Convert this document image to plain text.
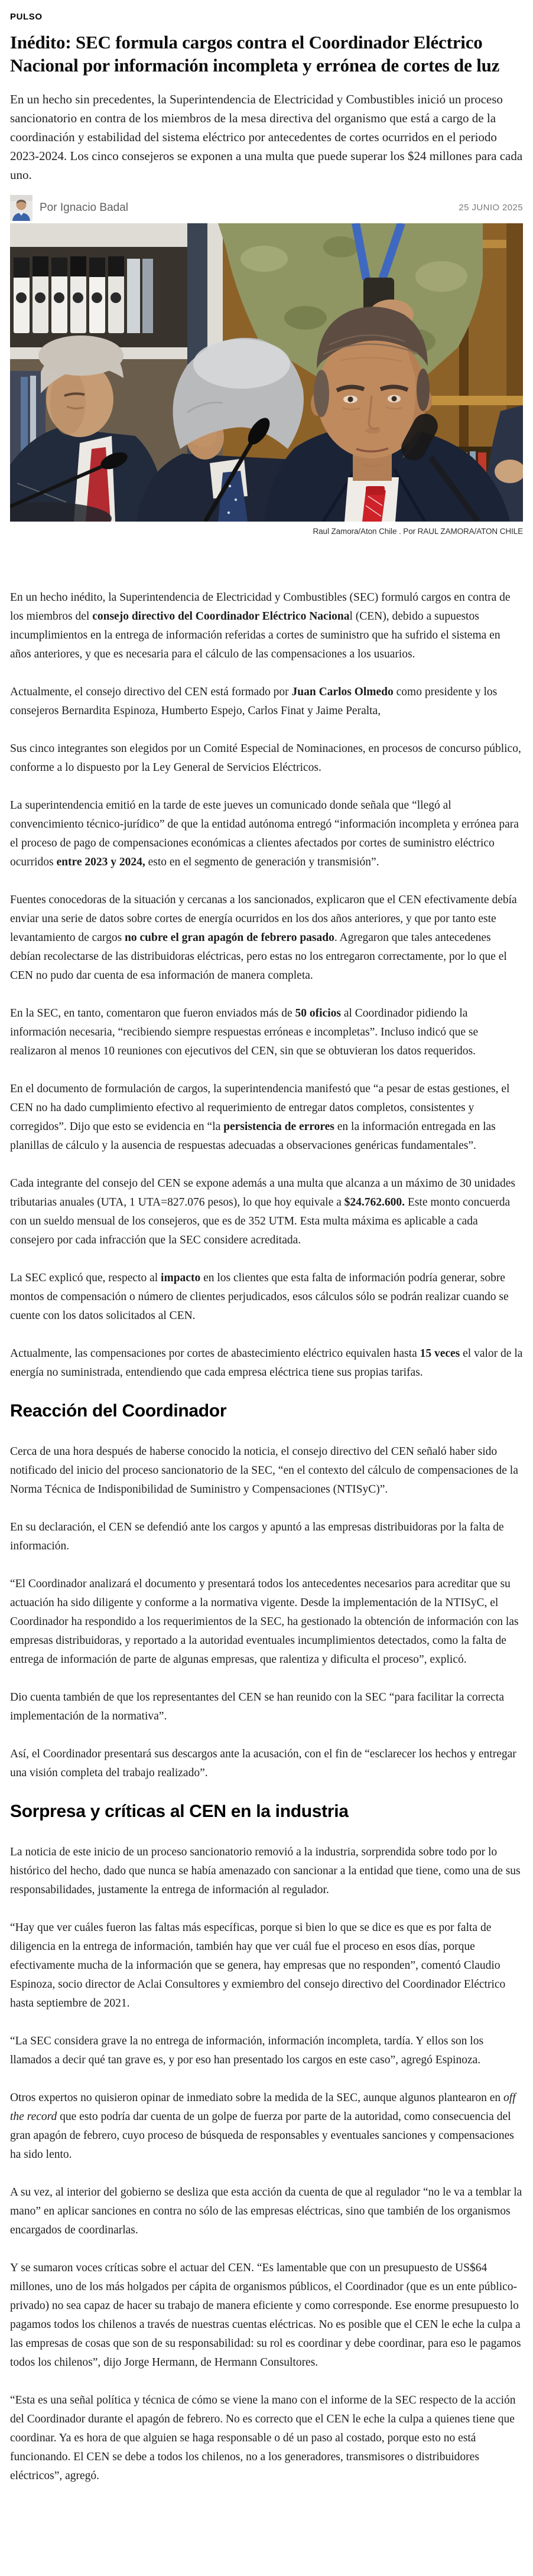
PULSO
Inédito: SEC formula cargos contra el Coordinador Eléctrico Nacional por información incompleta y errónea de cortes de luz

En un hecho sin precedentes, la Superintendencia de Electricidad y Combustibles inició un proceso sancionatorio en contra de los miembros de la mesa directiva del organismo que está a cargo de la coordinación y estabilidad del sistema eléctrico por antecedentes de cortes ocurridos en el periodo 2023-2024. Los cinco consejeros se exponen a una multa que puede superar los $24 millones para cada uno.

Por Ignacio Badal	25 JUNIO 2025
Raul Zamora/Aton Chile . Por RAUL ZAMORA/ATON CHILE

En un hecho inédito, la Superintendencia de Electricidad y Combustibles (SEC) formuló cargos en contra de los miembros del consejo directivo del Coordinador Eléctrico Nacional (CEN), debido a supuestos incumplimientos en la entrega de información referidas a cortes de suministro que ha sufrido el sistema en años anteriores, y que es necesaria para el cálculo de las compensaciones a los usuarios.

Actualmente, el consejo directivo del CEN está formado por Juan Carlos Olmedo como presidente y los consejeros Bernardita Espinoza, Humberto Espejo, Carlos Finat y Jaime Peralta,

Sus cinco integrantes son elegidos por un Comité Especial de Nominaciones, en procesos de concurso público, conforme a lo dispuesto por la Ley General de Servicios Eléctricos.

La superintendencia emitió en la tarde de este jueves un comunicado donde señala que “llegó al convencimiento técnico-jurídico” de que la entidad autónoma entregó “información incompleta y errónea para el proceso de pago de compensaciones económicas a clientes afectados por cortes de suministro eléctrico ocurridos entre 2023 y 2024, esto en el segmento de generación y transmisión”.

Fuentes conocedoras de la situación y cercanas a los sancionados, explicaron que el CEN efectivamente debía enviar una serie de datos sobre cortes de energía ocurridos en los dos años anteriores, y que por tanto este levantamiento de cargos no cubre el gran apagón de febrero pasado. Agregaron que tales antecedenes debían recolectarse de las distribuidoras eléctricas, pero estas no los entregaron correctamente, por lo que el CEN no pudo dar cuenta de esa información de manera completa.

En la SEC, en tanto, comentaron que fueron enviados más de 50 oficios al Coordinador pidiendo la información necesaria, “recibiendo siempre respuestas erróneas e incompletas”. Incluso indicó que se realizaron al menos 10 reuniones con ejecutivos del CEN, sin que se obtuvieran los datos requeridos.

En el documento de formulación de cargos, la superintendencia manifestó que “a pesar de estas gestiones, el CEN no ha dado cumplimiento efectivo al requerimiento de entregar datos completos, consistentes y corregidos”. Dijo que esto se evidencia en “la persistencia de errores en la información entregada en las planillas de cálculo y la ausencia de respuestas adecuadas a observaciones genéricas fundamentales”.

Cada integrante del consejo del CEN se expone además a una multa que alcanza a un máximo de 30 unidades tributarias anuales (UTA, 1 UTA=827.076 pesos), lo que hoy equivale a $24.762.600. Este monto concuerda con un sueldo mensual de los consejeros, que es de 352 UTM. Esta multa máxima es aplicable a cada consejero por cada infracción que la SEC considere acreditada.

La SEC explicó que, respecto al impacto en los clientes que esta falta de información podría generar, sobre montos de compensación o número de clientes perjudicados, esos cálculos sólo se podrán realizar cuando se cuente con los datos solicitados al CEN.

Actualmente, las compensaciones por cortes de abastecimiento eléctrico equivalen hasta 15 veces el valor de la energía no suministrada, entendiendo que cada empresa eléctrica tiene sus propias tarifas.

Reacción del Coordinador

Cerca de una hora después de haberse conocido la noticia, el consejo directivo del CEN señaló haber sido notificado del inicio del proceso sancionatorio de la SEC, “en el contexto del cálculo de compensaciones de la Norma Técnica de Indisponibilidad de Suministro y Compensaciones (NTISyC)”.

En su declaración, el CEN se defendió ante los cargos y apuntó a las empresas distribuidoras por la falta de información.

“El Coordinador analizará el documento y presentará todos los antecedentes necesarios para acreditar que su actuación ha sido diligente y conforme a la normativa vigente. Desde la implementación de la NTISyC, el Coordinador ha respondido a los requerimientos de la SEC, ha gestionado la obtención de información con las empresas distribuidoras, y reportado a la autoridad eventuales incumplimientos detectados, como la falta de entrega de información de parte de algunas empresas, que ralentiza y dificulta el proceso”, explicó.

Dio cuenta también de que los representantes del CEN se han reunido con la SEC “para facilitar la correcta implementación de la normativa”.

Así, el Coordinador presentará sus descargos ante la acusación, con el fin de “esclarecer los hechos y entregar una visión completa del trabajo realizado”.

Sorpresa y críticas al CEN en la industria

La noticia de este inicio de un proceso sancionatorio removió a la industria, sorprendida sobre todo por lo histórico del hecho, dado que nunca se había amenazado con sancionar a la entidad que tiene, como una de sus responsabilidades, justamente la entrega de información al regulador.

“Hay que ver cuáles fueron las faltas más específicas, porque si bien lo que se dice es que es por falta de diligencia en la entrega de información, también hay que ver cuál fue el proceso en esos días, porque efectivamente mucha de la información que se genera, hay empresas que no responden”, comentó Claudio Espinoza, socio director de Aclai Consultores y exmiembro del consejo directivo del Coordinador Eléctrico hasta septiembre de 2021.

“La SEC considera grave la no entrega de información, información incompleta, tardía. Y ellos son los llamados a decir qué tan grave es, y por eso han presentado los cargos en este caso”, agregó Espinoza.

Otros expertos no quisieron opinar de inmediato sobre la medida de la SEC, aunque algunos plantearon en off the record que esto podría dar cuenta de un golpe de fuerza por parte de la autoridad, como consecuencia del gran apagón de febrero, cuyo proceso de búsqueda de responsables y eventuales sanciones y compensaciones ha sido lento.

A su vez, al interior del gobierno se desliza que esta acción da cuenta de que al regulador “no le va a temblar la mano” en aplicar sanciones en contra no sólo de las empresas eléctricas, sino que también de los organismos encargados de coordinarlas.

Y se sumaron voces críticas sobre el actuar del CEN. “Es lamentable que con un presupuesto de US$64 millones, uno de los más holgados per cápita de organismos públicos, el Coordinador (que es un ente público-privado) no sea capaz de hacer su trabajo de manera eficiente y como corresponde. Ese enorme presupuesto lo pagamos todos los chilenos a través de nuestras cuentas eléctricas. No es posible que el CEN le eche la culpa a las empresas de cosas que son de su responsabilidad: su rol es coordinar y debe coordinar, para eso le pagamos todos los chilenos”, dijo Jorge Hermann, de Hermann Consultores.

“Esta es una señal política y técnica de cómo se viene la mano con el informe de la SEC respecto de la acción del Coordinador durante el apagón de febrero. No es correcto que el CEN le eche la culpa a quienes tiene que coordinar. Ya es hora de que alguien se haga responsable o dé un paso al costado, porque esto no está funcionando. El CEN se debe a todos los chilenos, no a los generadores, transmisores o distribuidores eléctricos”, agregó.
